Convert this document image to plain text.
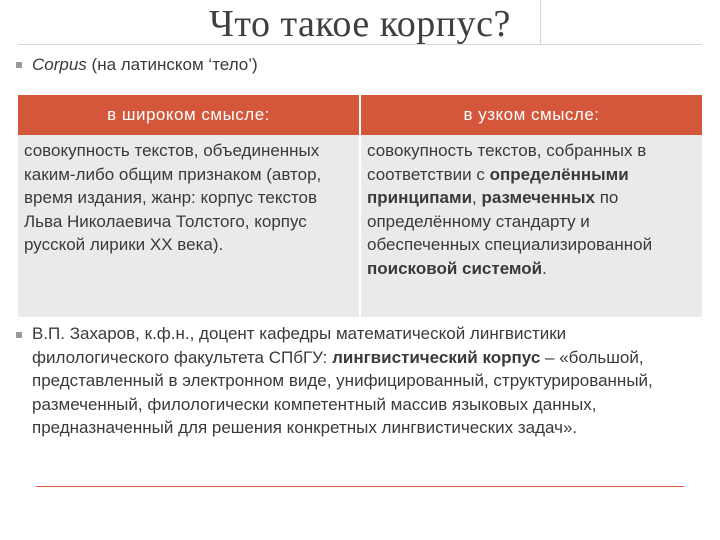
Что такое корпус?
Corpus (на латинском ‘тело’)
в широком смысле:	в узком смысле:
совокупность текстов, объединенных каким-либо общим признаком (автор, время издания, жанр: корпус текстов Льва Николаевича Толстого, корпус русской лирики XX века).	совокупность текстов, собранных в соответствии с определёнными принципами, размеченных по определённому стандарту и обеспеченных специализированной поисковой системой.
В.П. Захаров, к.ф.н., доцент кафедры математической лингвистики филологического факультета СПбГУ: лингвистический корпус – «большой, представленный в электронном виде, унифицированный, структурированный, размеченный, филологически компетентный массив языковых данных, предназначенный для решения конкретных лингвистических задач».
